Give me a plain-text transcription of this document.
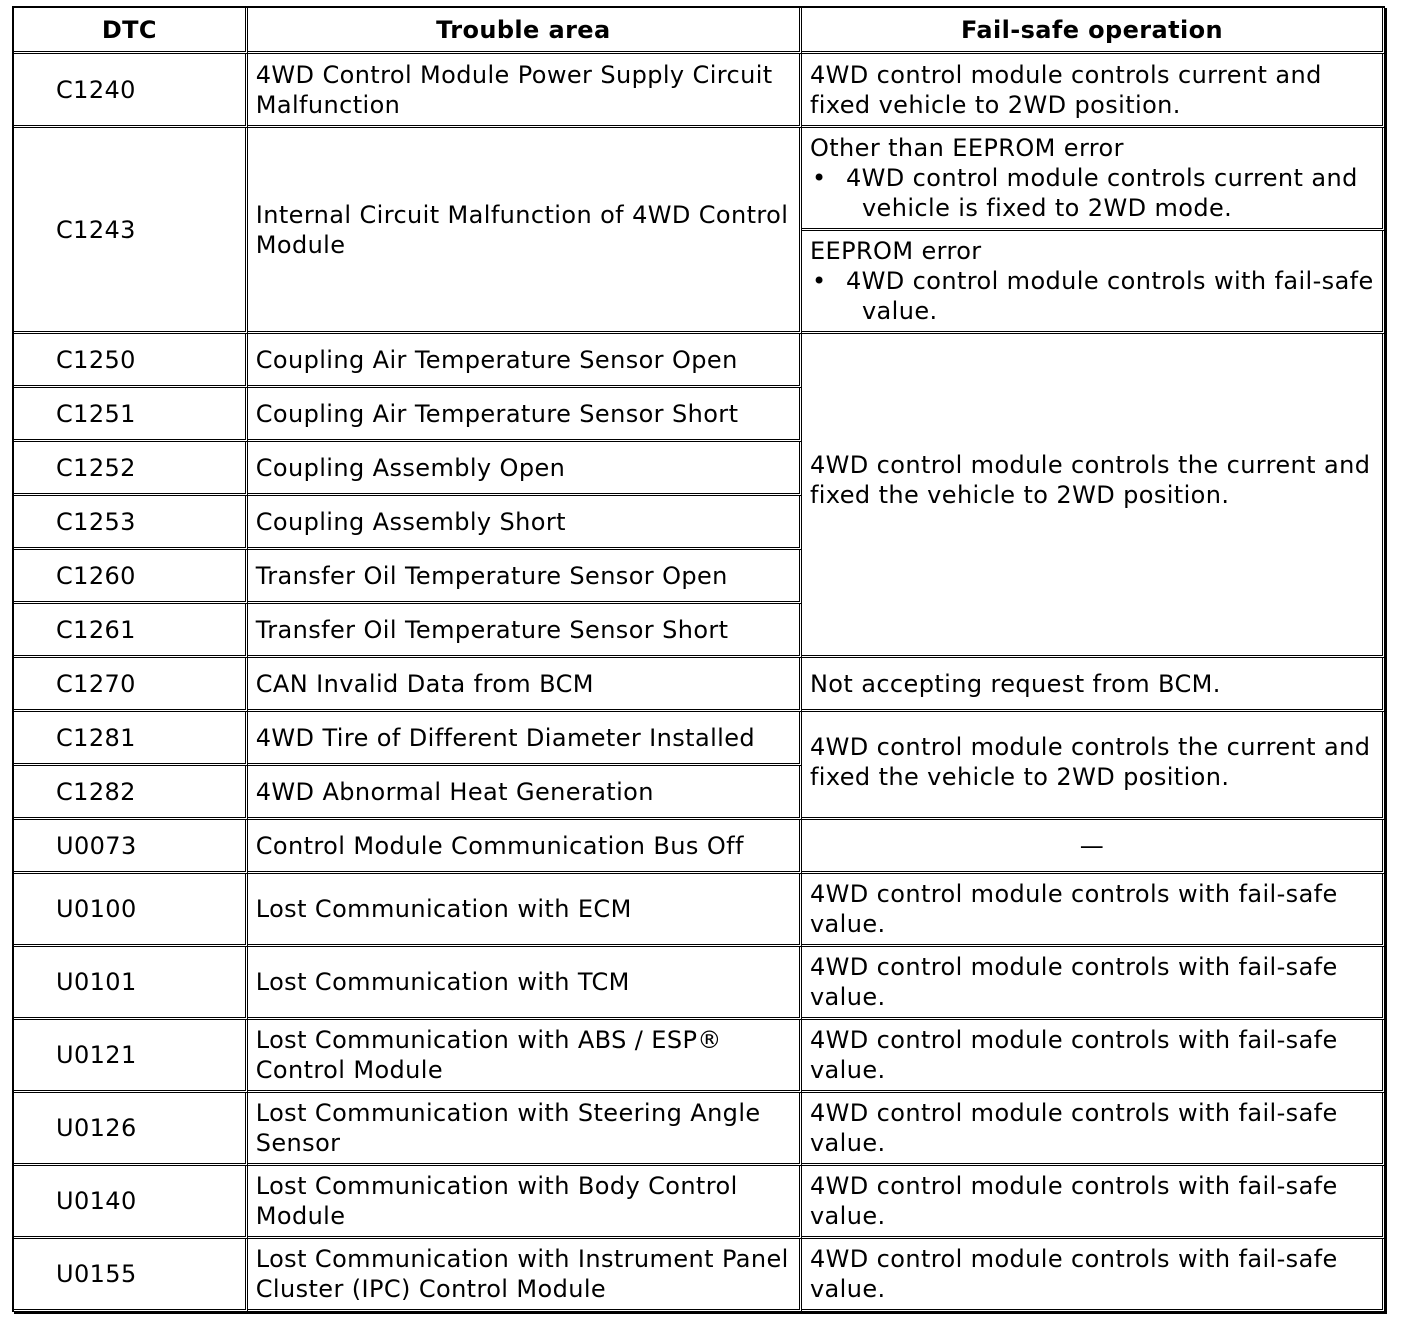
DTC	Trouble area	Fail-safe operation
C1240	4WD Control Module Power Supply Circuit Malfunction	4WD control module controls current and fixed vehicle to 2WD position.
C1243	Internal Circuit Malfunction of 4WD Control Module	Other than EEPROM error
• 4WD control module controls current and
vehicle is fixed to 2WD mode.

		EEPROM error
• 4WD control module controls with fail-safe
value.

C1250	Coupling Air Temperature Sensor Open	4WD control module controls the current and fixed the vehicle to 2WD position.
C1251	Coupling Air Temperature Sensor Short	
C1252	Coupling Assembly Open	
C1253	Coupling Assembly Short	
C1260	Transfer Oil Temperature Sensor Open	
C1261	Transfer Oil Temperature Sensor Short	
C1270	CAN Invalid Data from BCM	Not accepting request from BCM.
C1281	4WD Tire of Different Diameter Installed	4WD control module controls the current and fixed the vehicle to 2WD position.
C1282	4WD Abnormal Heat Generation	
U0073	Control Module Communication Bus Off	—
U0100	Lost Communication with ECM	4WD control module controls with fail-safe value.
U0101	Lost Communication with TCM	4WD control module controls with fail-safe value.
U0121	Lost Communication with ABS / ESP® Control Module	4WD control module controls with fail-safe value.
U0126	Lost Communication with Steering Angle Sensor	4WD control module controls with fail-safe value.
U0140	Lost Communication with Body Control Module	4WD control module controls with fail-safe value.
U0155	Lost Communication with Instrument Panel Cluster (IPC) Control Module	4WD control module controls with fail-safe value.
